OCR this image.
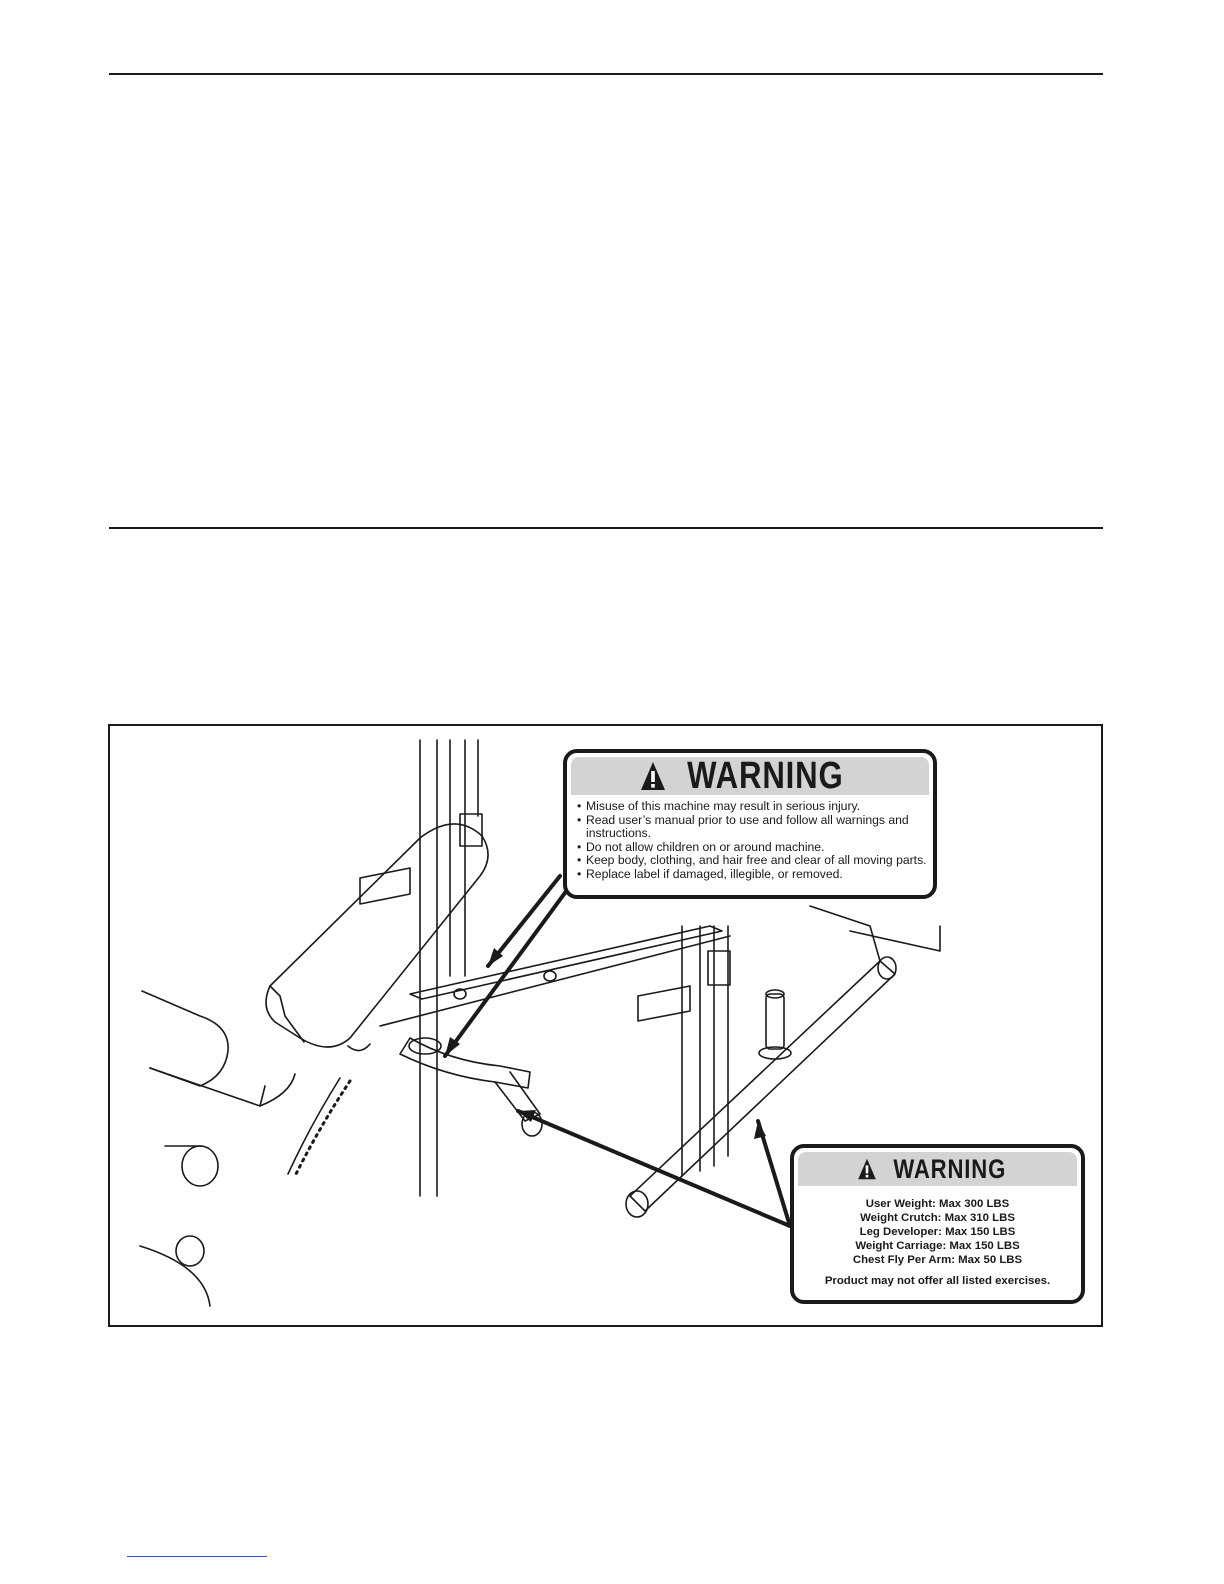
WARNING
• Misuse of this machine may result in serious injury.
• Read user’s manual prior to use and follow all warnings and instructions.
• Do not allow children on or around machine.
• Keep body, clothing, and hair free and clear of all moving parts.
• Replace label if damaged, illegible, or removed.
WARNING
User Weight: Max 300 LBS
Weight Crutch: Max 310 LBS
Leg Developer: Max 150 LBS
Weight Carriage: Max 150 LBS
Chest Fly Per Arm: Max 50 LBS
Product may not offer all listed exercises.
